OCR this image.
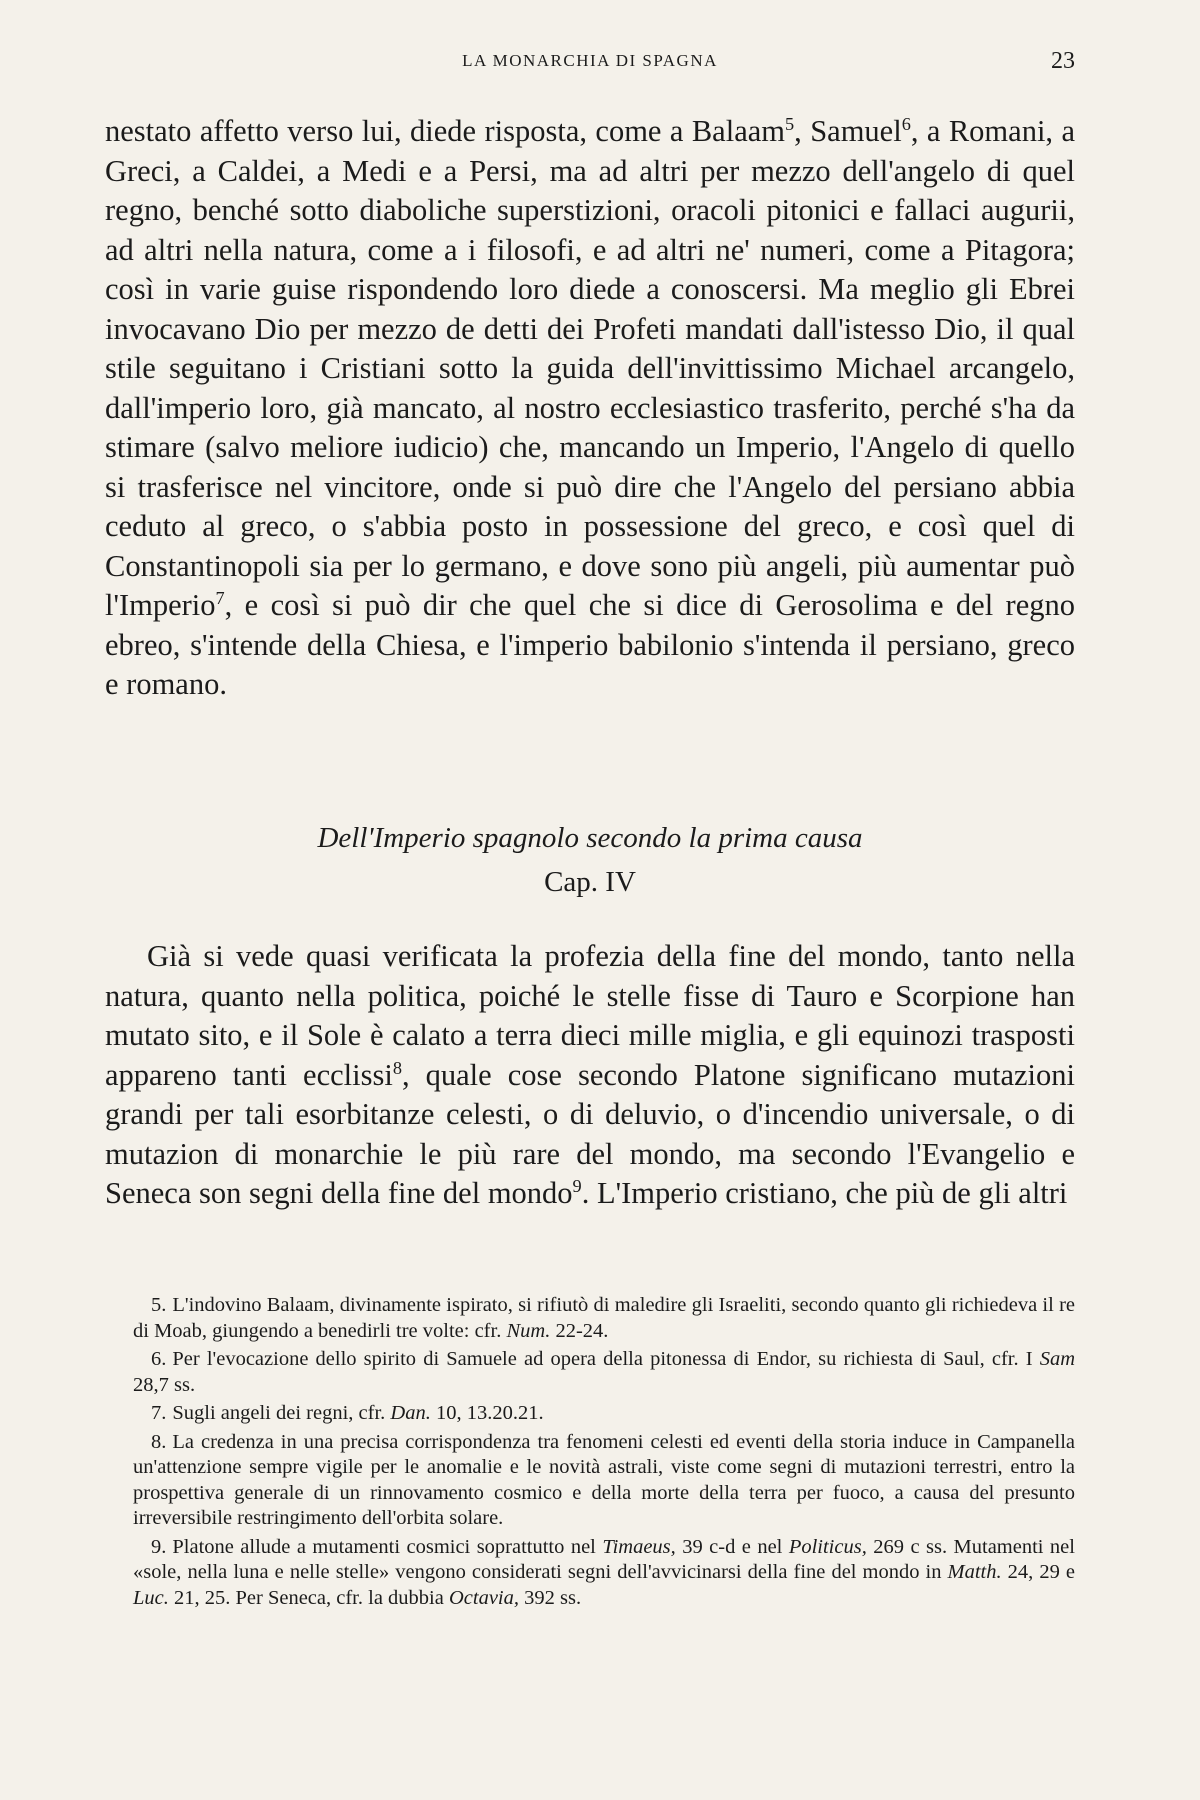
LA MONARCHIA DI SPAGNA	23

nestato affetto verso lui, diede risposta, come a Balaam$^5$, Samuel$^6$, a Romani, a Greci, a Caldei, a Medi e a Persi, ma ad altri per mezzo dell'angelo di quel regno, benché sotto diaboliche superstizioni, oracoli pitonici e fallaci augurii, ad altri nella natura, come a i filosofi, e ad altri ne' numeri, come a Pitagora; così in varie guise rispondendo loro diede a conoscersi. Ma meglio gli Ebrei invocavano Dio per mezzo de detti dei Profeti mandati dall'istesso Dio, il qual stile seguitano i Cristiani sotto la guida dell'invittissimo Michael arcangelo, dall'imperio loro, già mancato, al nostro ecclesiastico trasferito, perché s'ha da stimare (salvo meliore iudicio) che, mancando un Imperio, l'Angelo di quello si trasferisce nel vincitore, onde si può dire che l'Angelo del persiano abbia ceduto al greco, o s'abbia posto in possessione del greco, e così quel di Constantinopoli sia per lo germano, e dove sono più angeli, più aumentar può l'Imperio$^7$, e così si può dir che quel che si dice di Gerosolima e del regno ebreo, s'intende della Chiesa, e l'imperio babilonio s'intenda il persiano, greco e romano.

Dell'Imperio spagnolo secondo la prima causa
Cap. IV

Già si vede quasi verificata la profezia della fine del mondo, tanto nella natura, quanto nella politica, poiché le stelle fisse di Tauro e Scorpione han mutato sito, e il Sole è calato a terra dieci mille miglia, e gli equinozi trasposti appareno tanti ecclissi$^8$, quale cose secondo Platone significano mutazioni grandi per tali esorbitanze celesti, o di deluvio, o d'incendio universale, o di mutazion di monarchie le più rare del mondo, ma secondo l'Evangelio e Seneca son segni della fine del mondo$^9$. L'Imperio cristiano, che più de gli altri

5. L'indovino Balaam, divinamente ispirato, si rifiutò di maledire gli Israeliti, secondo quanto gli richiedeva il re di Moab, giungendo a benedirli tre volte: cfr. Num. 22-24.

6. Per l'evocazione dello spirito di Samuele ad opera della pitonessa di Endor, su richiesta di Saul, cfr. I Sam 28,7 ss.

7. Sugli angeli dei regni, cfr. Dan. 10, 13.20.21.

8. La credenza in una precisa corrispondenza tra fenomeni celesti ed eventi della storia induce in Campanella un'attenzione sempre vigile per le anomalie e le novità astrali, viste come segni di mutazioni terrestri, entro la prospettiva generale di un rinnovamento cosmico e della morte della terra per fuoco, a causa del presunto irreversibile restringimento dell'orbita solare.

9. Platone allude a mutamenti cosmici soprattutto nel Timaeus, 39 c-d e nel Politicus, 269 c ss. Mutamenti nel «sole, nella luna e nelle stelle» vengono considerati segni dell'avvicinarsi della fine del mondo in Matth. 24, 29 e Luc. 21, 25. Per Seneca, cfr. la dubbia Octavia, 392 ss.
